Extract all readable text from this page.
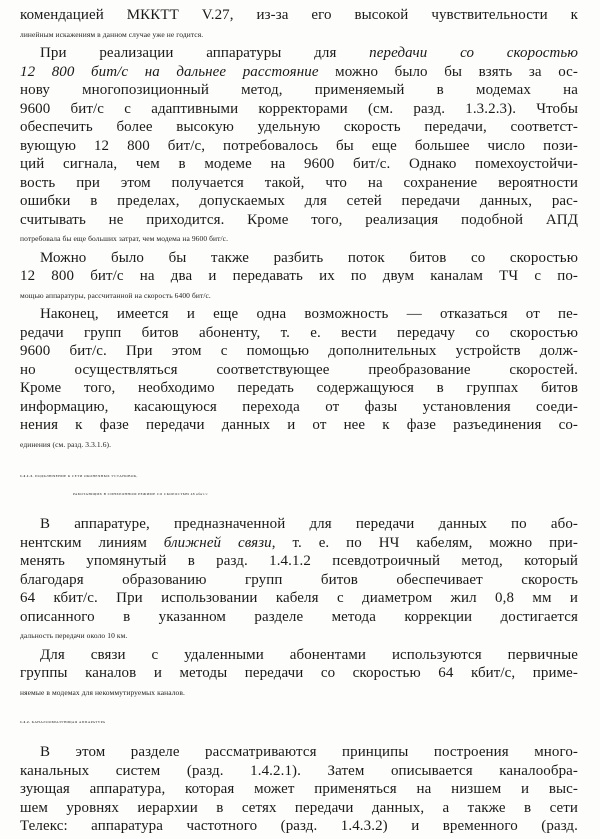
комендацией МККТТ V.27, из-за его высокой чувствительности к
линейным искажениям в данном случае уже не годится.
При реализации аппаратуры для передачи со скоростью
12 800 бит/с на дальнее расстояние можно было бы взять за ос-
нову многопозиционный метод, применяемый в модемах на
9600 бит/с с адаптивными корректорами (см. разд. 1.3.2.3). Чтобы
обеспечить более высокую удельную скорость передачи, соответст-
вующую 12 800 бит/с, потребовалось бы еще большее число пози-
ций сигнала, чем в модеме на 9600 бит/с. Однако помехоустойчи-
вость при этом получается такой, что на сохранение вероятности
ошибки в пределах, допускаемых для сетей передачи данных, рас-
считывать не приходится. Кроме того, реализация подобной АПД
потребовала бы еще больших затрат, чем модема на 9600 бит/с.
Можно было бы также разбить поток битов со скоростью
12 800 бит/с на два и передавать их по двум каналам ТЧ с по-
мощью аппаратуры, рассчитанной на скорость 6400 бит/с.
Наконец, имеется и еще одна возможность — отказаться от пе-
редачи групп битов абоненту, т. е. вести передачу со скоростью
9600 бит/с. При этом с помощью дополнительных устройств долж-
но осуществляться соответствующее преобразование скоростей.
Кроме того, необходимо передать содержащуюся в группах битов
информацию, касающуюся перехода от фазы установления соеди-
нения к фазе передачи данных и от нее к фазе разъединения со-
единения (см. разд. 3.3.1.6).
1.4.1.3. ПОДКЛЮЧЕНИЕ К СЕТИ ОКОНЕЧНЫХ УСТАНОВОК,
РАБОТАЮЩИХ В СИНХРОННОМ РЕЖИМЕ СО СКОРОСТЬЮ 48 кбит/с
В аппаратуре, предназначенной для передачи данных по або-
нентским линиям ближней связи, т. е. по НЧ кабелям, можно при-
менять упомянутый в разд. 1.4.1.2 псевдотроичный метод, который
благодаря образованию групп битов обеспечивает скорость
64 кбит/с. При использовании кабеля с диаметром жил 0,8 мм и
описанного в указанном разделе метода коррекции достигается
дальность передачи около 10 км.
Для связи с удаленными абонентами используются первичные
группы каналов и методы передачи со скоростью 64 кбит/с, приме-
няемые в модемах для некоммутируемых каналов.
1.4.2. КАНАЛООБРАЗУЮЩАЯ АППАРАТУРА
В этом разделе рассматриваются принципы построения много-
канальных систем (разд. 1.4.2.1). Затем описывается каналообра-
зующая аппаратура, которая может применяться на низшем и выс-
шем уровнях иерархии в сетях передачи данных, а также в сети
Телекс: аппаратура частотного (разд. 1.4.3.2) и временного (разд.
